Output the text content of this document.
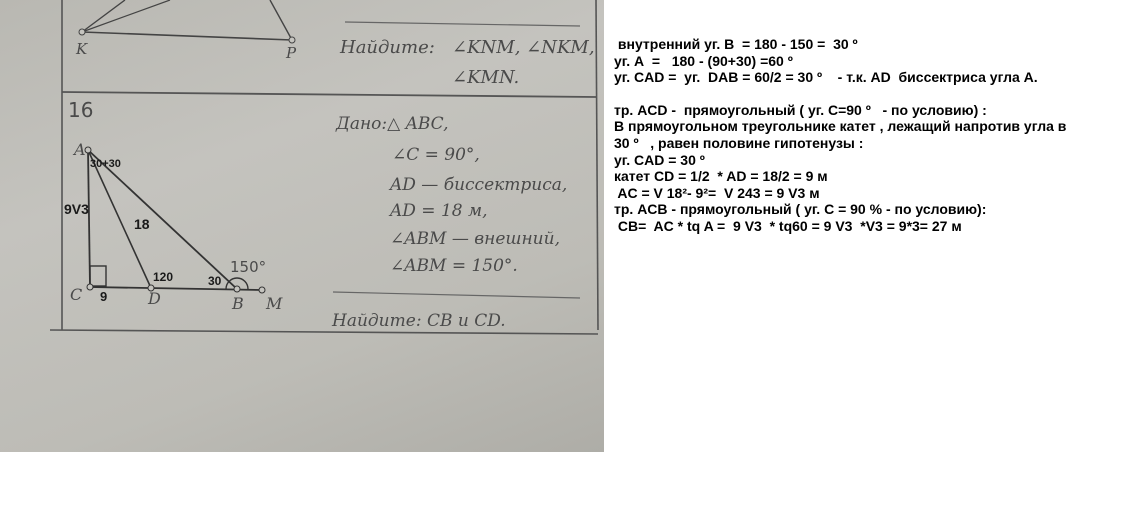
K	P Найдите: ∠KNM, ∠NKM,
∠KMN.
16
Дано:△ ABC,
∠C = 90°,
AD — биссектриса,
AD = 18 м,
∠ABM — внешний,
∠ABM = 150°.
Найдите: CB и CD.
A
C	D	B M
150°
30+30
9V3
18
9
120	30
внутренний уг. В  = 180 - 150 =  30 º
уг. А  =   180 - (90+30) =60 º
уг. CAD =  уг.  DAB = 60/2 = 30 º    - т.к. AD  биссектриса угла А.
тр. ACD -  прямоугольный ( уг. С=90 º   - по условию) :
В прямоугольном треугольнике катет , лежащий напротив угла в
30 º   , равен половине гипотенузы :
уг. CAD = 30 º
катет CD = 1/2  * AD = 18/2 = 9 м
AC = V 18²- 9²=  V 243 = 9 V3 м
тр. ACB - прямоугольный ( уг. С = 90 % - по условию):
CB=  AC * tq A =  9 V3  * tq60 = 9 V3  *V3 = 9*3= 27 м
